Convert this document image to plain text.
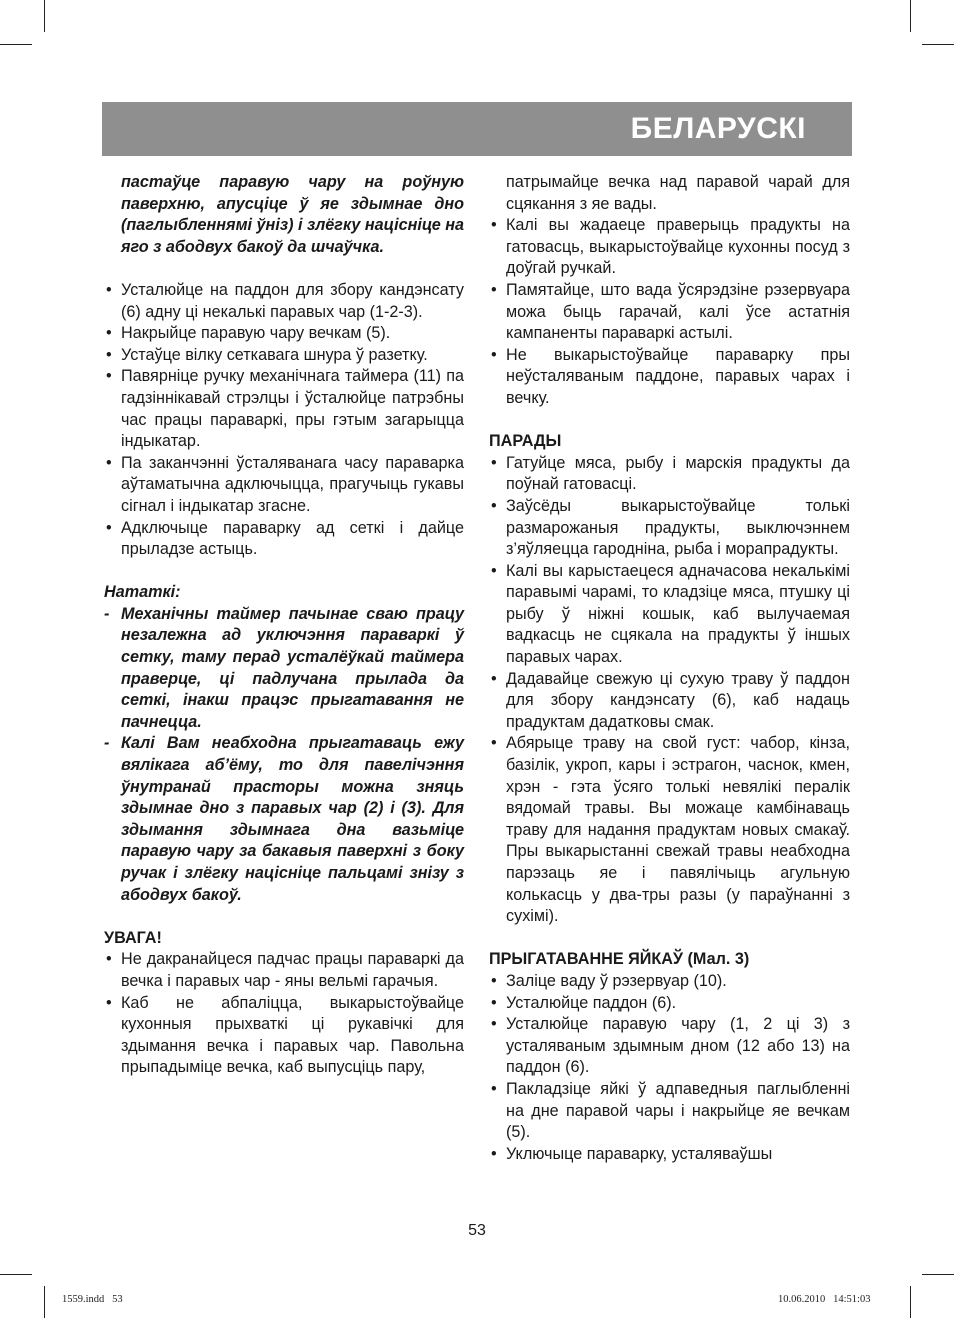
БЕЛАРУСКІ

пастаўце паравую чару на роўную паверхню, апусціце ў яе здымнае дно (паглыбленнямі ўніз) і злёгку націсніце на яго з абодвух бакоў да шчаўчка.

• Усталюйце на паддон для збору кандэнсату (6) адну ці некалькі паравых чар (1-2-3).
• Накрыйце паравую чару вечкам (5).
• Устаўце вілку сеткавага шнура ў разетку.
• Павярніце ручку механічнага таймера (11) па гадзіннікавай стрэлцы і ўсталюйце патрэбны час працы параваркі, пры гэтым загарыцца індыкатар.
• Па заканчэнні ўсталяванага часу параварка аўтаматычна адключыцца, прагучыць гукавы сігнал і індыкатар згасне.
• Адключыце параварку ад сеткі і дайце прыладзе астыць.

Нататкі:

- Механічны таймер пачынае сваю працу незалежна ад уключэння параваркі ў сетку, таму перад усталёўкай таймера праверце, ці падлучана прылада да сеткі, інакш працэс прыгатавання не пачнецца.
- Калі Вам неабходна прыгатаваць ежу вялікага аб’ёму, то для павелічэння ўнутранай прасторы можна зняць здымнае дно з паравых чар (2) і (3). Для здымання здымнага дна вазьміце паравую чару за бакавыя паверхні з боку ручак і злёгку націсніце пальцамі знізу з абодвух бакоў.

УВАГА!

• Не дакранайцеся падчас працы параваркі да вечка і паравых чар - яны вельмі гарачыя.
• Каб не абпаліцца, выкарыстоўвайце кухонныя прыхваткі ці рукавічкі для здымання вечка і паравых чар. Павольна прыпадыміце вечка, каб выпусціць пару,

патрымайце вечка над паравой чарай для сцякання з яе вады.

• Калі вы жадаеце праверыць прадукты на гатовасць, выкарыстоўвайце кухонны посуд з доўгай ручкай.
• Памятайце, што вада ўсярэдзіне рэзервуара можа быць гарачай, калі ўсе астатнія кампаненты параваркі астылі.
• Не выкарыстоўвайце параварку пры неўсталяваным паддоне, паравых чарах і вечку.

ПАРАДЫ

• Гатуйце мяса, рыбу і марскія прадукты да поўнай гатовасці.
• Заўсёды выкарыстоўвайце толькі размарожаныя прадукты, выключэннем з’яўляецца гародніна, рыба і морапрадукты.
• Калі вы карыстаецеся адначасова некалькімі паравымі чарамі, то кладзіце мяса, птушку ці рыбу ў ніжні кошык, каб вылучаемая вадкасць не сцякала на прадукты ў іншых паравых чарах.
• Дадавайце свежую ці сухую траву ў паддон для збору кандэнсату (6), каб надаць прадуктам дадатковы смак.
• Абярыце траву на свой густ: чабор, кінза, базілік, укроп, кары і эстрагон, часнок, кмен, хрэн - гэта ўсяго толькі невялікі пералік вядомай травы. Вы можаце камбінаваць траву для надання прадуктам новых смакаў. Пры выкарыстанні свежай травы неабходна парэзаць яе і павялічыць агульную колькасць у два-тры разы (у параўнанні з сухімі).

ПРЫГАТАВАННЕ ЯЙКАЎ (Мал. 3)

• Заліце ваду ў рэзервуар (10).
• Усталюйце паддон (6).
• Усталюйце паравую чару (1, 2 ці 3) з усталяваным здымным дном (12 або 13) на паддон (6).
• Пакладзіце яйкі ў адпаведныя паглыбленні на дне паравой чары і накрыйце яе вечкам (5).
• Уключыце параварку, усталяваўшы
53
1559.indd   53	10.06.2010   14:51:03
